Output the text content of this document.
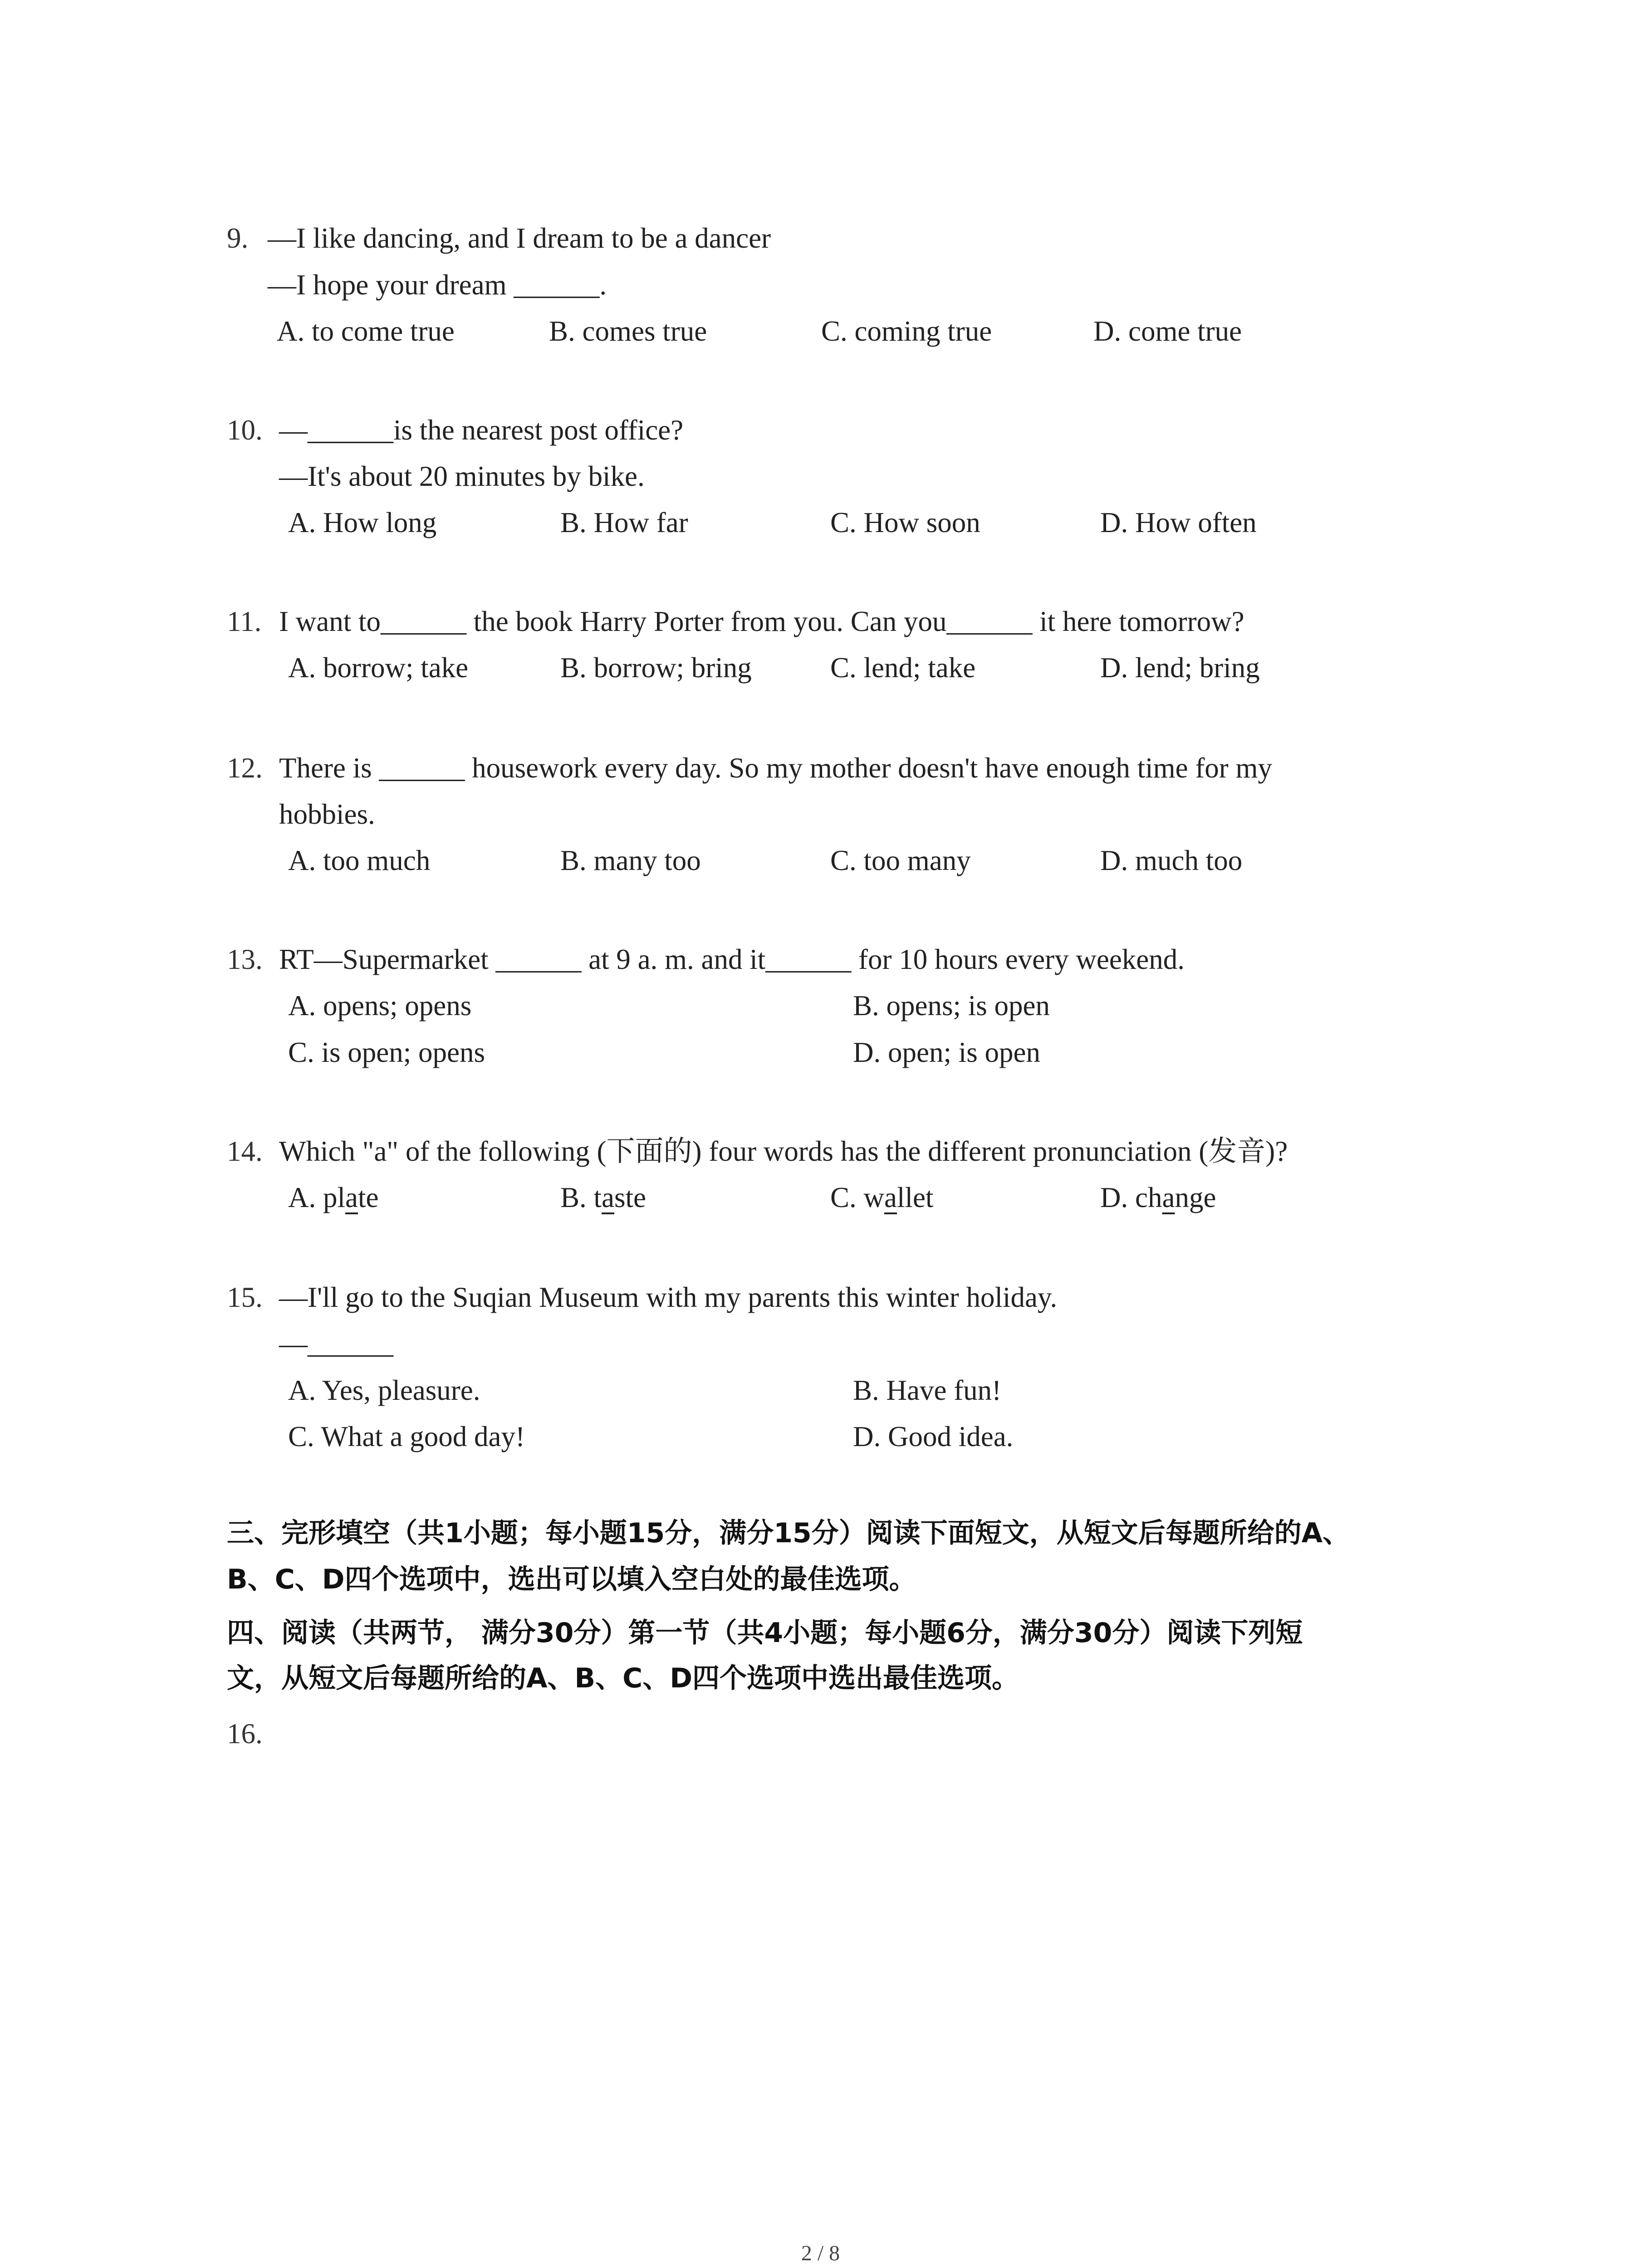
9. —I like dancing, and I dream to be a dancer
—I hope your dream ______.
A. to come true	B. comes true	C. coming true	D. come true
10. —______is the nearest post office?
—It's about 20 minutes by bike.
A. How long	B. How far	C. How soon	D. How often
11. I want to______ the book Harry Porter from you. Can you______ it here tomorrow?
A. borrow; take	B. borrow; bring	C. lend; take	D. lend; bring
12. There is ______ housework every day. So my mother doesn't have enough time for my
hobbies.
A. too much	B. many too	C. too many	D. much too
13. RT—Supermarket ______ at 9 a. m. and it______ for 10 hours every weekend.
A. opens; opens	B. opens; is open
C. is open; opens	D. open; is open
14. Which "a" of the following (下面的) four words has the different pronunciation (发音)?
A. plate	B. taste	C. wallet	D. change
15. —I'll go to the Suqian Museum with my parents this winter holiday.
—______
A. Yes, pleasure.	B. Have fun!
C. What a good day!	D. Good idea.
三、完形填空（共1小题；每小题15分，满分15分）阅读下面短文，从短文后每题所给的A、
B、C、D四个选项中，选出可以填入空白处的最佳选项。
四、阅读（共两节， 满分30分）第一节（共4小题；每小题6分，满分30分）阅读下列短
文，从短文后每题所给的A、B、C、D四个选项中选出最佳选项。
16.
2 / 8
